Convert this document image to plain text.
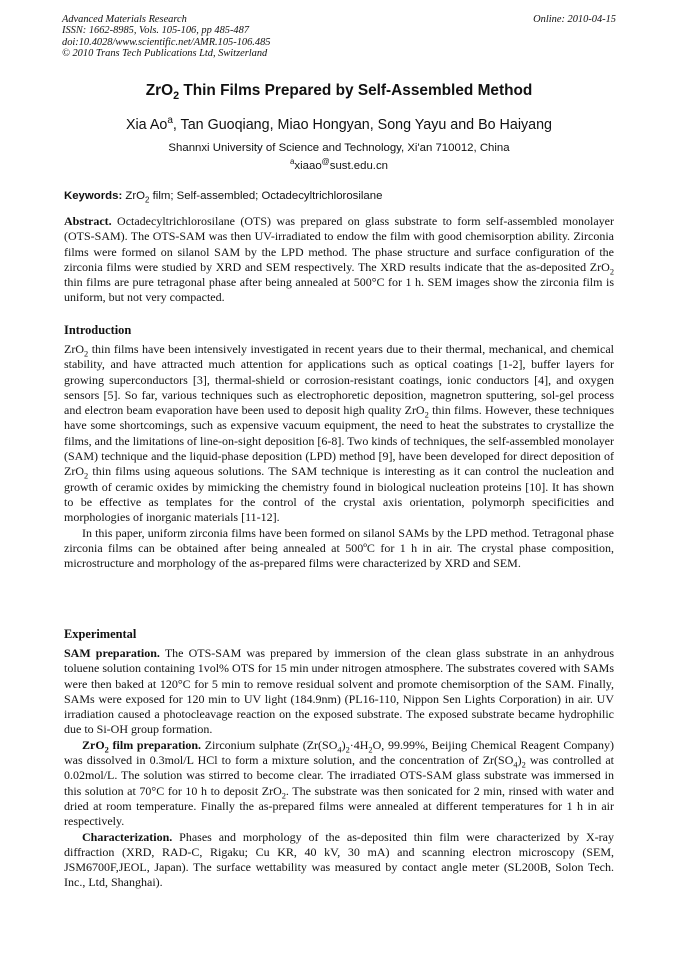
Advanced Materials Research
ISSN: 1662-8985, Vols. 105-106, pp 485-487
doi:10.4028/www.scientific.net/AMR.105-106.485
© 2010 Trans Tech Publications Ltd, Switzerland
Online: 2010-04-15
ZrO$_2$ Thin Films Prepared by Self-Assembled Method
Xia Ao$^a$, Tan Guoqiang, Miao Hongyan, Song Yayu and Bo Haiyang
Shannxi University of Science and Technology, Xi'an 710012, China
$^a$xiaao@sust.edu.cn
Keywords: ZrO$_2$ film; Self-assembled; Octadecyltrichlorosilane

Abstract. Octadecyltrichlorosilane (OTS) was prepared on glass substrate to form self-assembled monolayer (OTS-SAM). The OTS-SAM was then UV-irradiated to endow the film with good chemisorption ability. Zirconia films were formed on silanol SAM by the LPD method. The phase structure and surface configuration of the zirconia films were studied by XRD and SEM respectively. The XRD results indicate that the as-deposited ZrO$_2$ thin films are pure tetragonal phase after being annealed at 500°C for 1 h. SEM images show the zirconia film is uniform, but not very compacted.

Introduction

ZrO$_2$ thin films have been intensively investigated in recent years due to their thermal, mechanical, and chemical stability, and have attracted much attention for applications such as optical coatings [1-2], buffer layers for growing superconductors [3], thermal-shield or corrosion-resistant coatings, ionic conductors [4], and oxygen sensors [5]. So far, various techniques such as electrophoretic deposition, magnetron sputtering, sol-gel process and electron beam evaporation have been used to deposit high quality ZrO$_2$ thin films. However, these techniques have some shortcomings, such as expensive vacuum equipment, the need to heat the substrates to crystallize the films, and the limitations of line-on-sight deposition [6-8]. Two kinds of techniques, the self-assembled monolayer (SAM) technique and the liquid-phase deposition (LPD) method [9], have been developed for direct deposition of ZrO$_2$ thin films using aqueous solutions. The SAM technique is interesting as it can control the nucleation and growth of ceramic oxides by mimicking the chemistry found in biological nucleation proteins [10]. It has shown to be effective as templates for the control of the crystal axis orientation, polymorph specificities and morphologies of inorganic materials [11-12].

In this paper, uniform zirconia films have been formed on silanol SAMs by the LPD method. Tetragonal phase zirconia films can be obtained after being annealed at 500ºC for 1 h in air. The crystal phase composition, microstructure and morphology of the as-prepared films were characterized by XRD and SEM.

Experimental

SAM preparation. The OTS-SAM was prepared by immersion of the clean glass substrate in an anhydrous toluene solution containing 1vol% OTS for 15 min under nitrogen atmosphere. The substrates covered with SAMs were then baked at 120°C for 5 min to remove residual solvent and promote chemisorption of the SAM. Finally, SAMs were exposed for 120 min to UV light (184.9nm) (PL16-110, Nippon Sen Lights Corporation) in air. UV irradiation caused a photocleavage reaction on the exposed substrate. The exposed substrate became hydrophilic due to Si-OH group formation.

ZrO$_2$ film preparation. Zirconium sulphate ($Zr(SO_4)_2\cdot 4H_2O$, 99.99%, Beijing Chemical Reagent Company) was dissolved in 0.3mol/L HCl to form a mixture solution, and the concentration of $Zr(SO_4)_2$ was controlled at 0.02mol/L. The solution was stirred to become clear. The irradiated OTS-SAM glass substrate was immersed in this solution at 70°C for 10 h to deposit ZrO$_2$. The substrate was then sonicated for 2 min, rinsed with water and dried at room temperature. Finally the as-prepared films were annealed at different temperatures for 1 h in air respectively.

Characterization. Phases and morphology of the as-deposited thin film were characterized by X-ray diffraction (XRD, RAD-C, Rigaku; Cu KR, 40 kV, 30 mA) and scanning electron microscopy (SEM, JSM6700F,JEOL, Japan). The surface wettability was measured by contact angle meter (SL200B, Solon Tech. Inc., Ltd, Shanghai).
